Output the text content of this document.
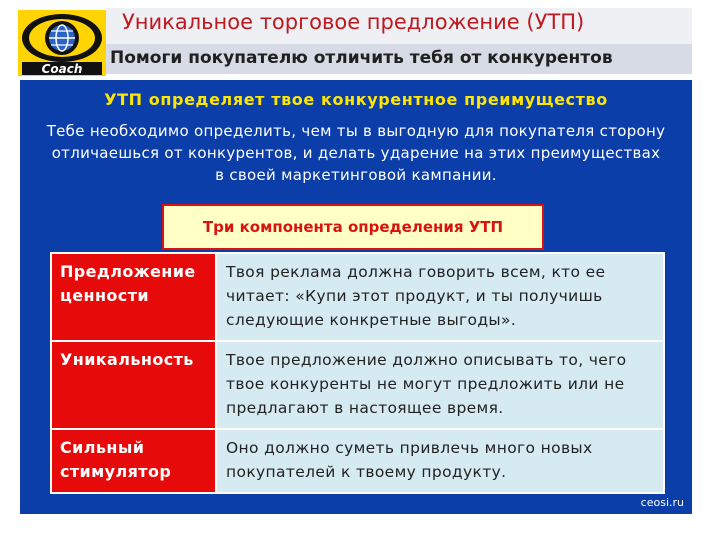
Coach
Уникальное торговое предложение (УТП)
Помоги покупателю отличить тебя от конкурентов
УТП определяет твое конкурентное преимущество
Тебе необходимо определить, чем ты в выгодную для покупателя сторону отличаешься от конкурентов, и делать ударение на этих преимуществах в своей маркетинговой кампании.
Три компонента определения УТП
Предложение ценности
Твоя реклама должна говорить всем, кто ее читает: «Купи этот продукт, и ты получишь следующие конкретные выгоды».
Уникальность	Твое предложение должно описывать то, чего твое конкуренты не могут предложить или не предлагают в настоящее время.
Сильный стимулятор
Оно должно суметь привлечь много новых покупателей к твоему продукту.
ceosi.ru
